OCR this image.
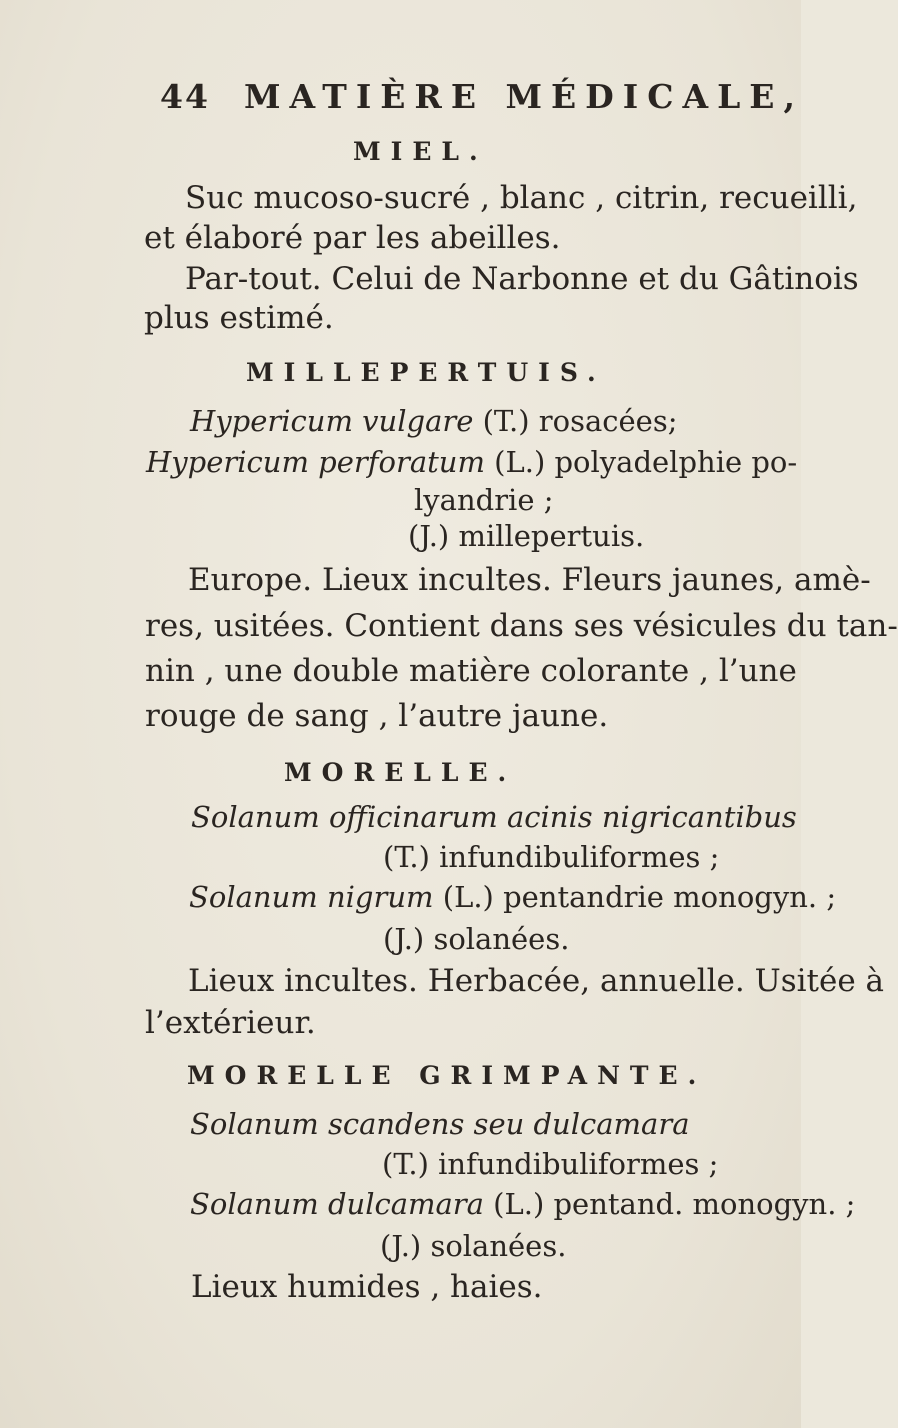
44 MATIÈRE MÉDICALE,
MIEL.
Suc mucoso-sucré , blanc , citrin, recueilli,
et élaboré par les abeilles.
Par-tout. Celui de Narbonne et du Gâtinois
plus estimé.
MILLEPERTUIS.
Hypericum vulgare (T.) rosacées;
Hypericum perforatum (L.) polyadelphie po-
lyandrie ;
(J.) millepertuis.
Europe. Lieux incultes. Fleurs jaunes, amè-
res, usitées. Contient dans ses vésicules du tan-
nin , une double matière colorante , l’une
rouge de sang , l’autre jaune.
MORELLE.
Solanum officinarum acinis nigricantibus
(T.) infundibuliformes ;
Solanum nigrum (L.) pentandrie monogyn. ;
(J.) solanées.
Lieux incultes. Herbacée, annuelle. Usitée à
l’extérieur.
MORELLE GRIMPANTE.
Solanum scandens seu dulcamara
(T.) infundibuliformes ;
Solanum dulcamara (L.) pentand. monogyn. ;
(J.) solanées.
Lieux humides , haies.
